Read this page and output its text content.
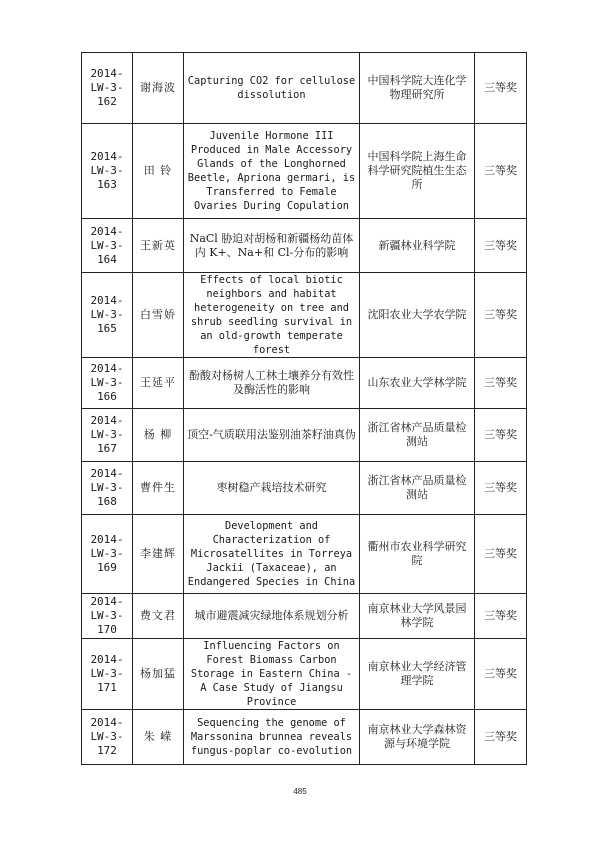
2014-LW-3-162	谢海波	Capturing CO2 for cellulose dissolution	中国科学院大连化学物理研究所	三等奖
2014-LW-3-163	田 铃	Juvenile Hormone III Produced in Male Accessory Glands of the Longhorned Beetle, Apriona germari, is Transferred to Female Ovaries During Copulation	中国科学院上海生命科学研究院植生生态所	三等奖
2014-LW-3-164	王新英	NaCl 胁迫对胡杨和新疆杨幼苗体内 K+、Na+和 Cl-分布的影响	新疆林业科学院	三等奖
2014-LW-3-165	白雪娇	Effects of local biotic neighbors and habitat heterogeneity on tree and shrub seedling survival in an old-growth temperate forest	沈阳农业大学农学院	三等奖
2014-LW-3-166	王延平	酚酸对杨树人工林土壤养分有效性及酶活性的影响	山东农业大学林学院	三等奖
2014-LW-3-167	杨 柳	顶空-气质联用法鉴别油茶籽油真伪	浙江省林产品质量检测站	三等奖
2014-LW-3-168	曹件生	枣树稳产栽培技术研究	浙江省林产品质量检测站	三等奖
2014-LW-3-169	李建辉	Development and Characterization of Microsatellites in Torreya Jackii (Taxaceae), an Endangered Species in China	衢州市农业科学研究院	三等奖
2014-LW-3-170	费文君	城市避震减灾绿地体系规划分析	南京林业大学风景园林学院	三等奖
2014-LW-3-171	杨加猛	Influencing Factors on Forest Biomass Carbon Storage in Eastern China - A Case Study of Jiangsu Province	南京林业大学经济管理学院	三等奖
2014-LW-3-172	朱 嵘	Sequencing the genome of Marssonina brunnea reveals fungus-poplar co-evolution	南京林业大学森林资源与环境学院	三等奖
485
